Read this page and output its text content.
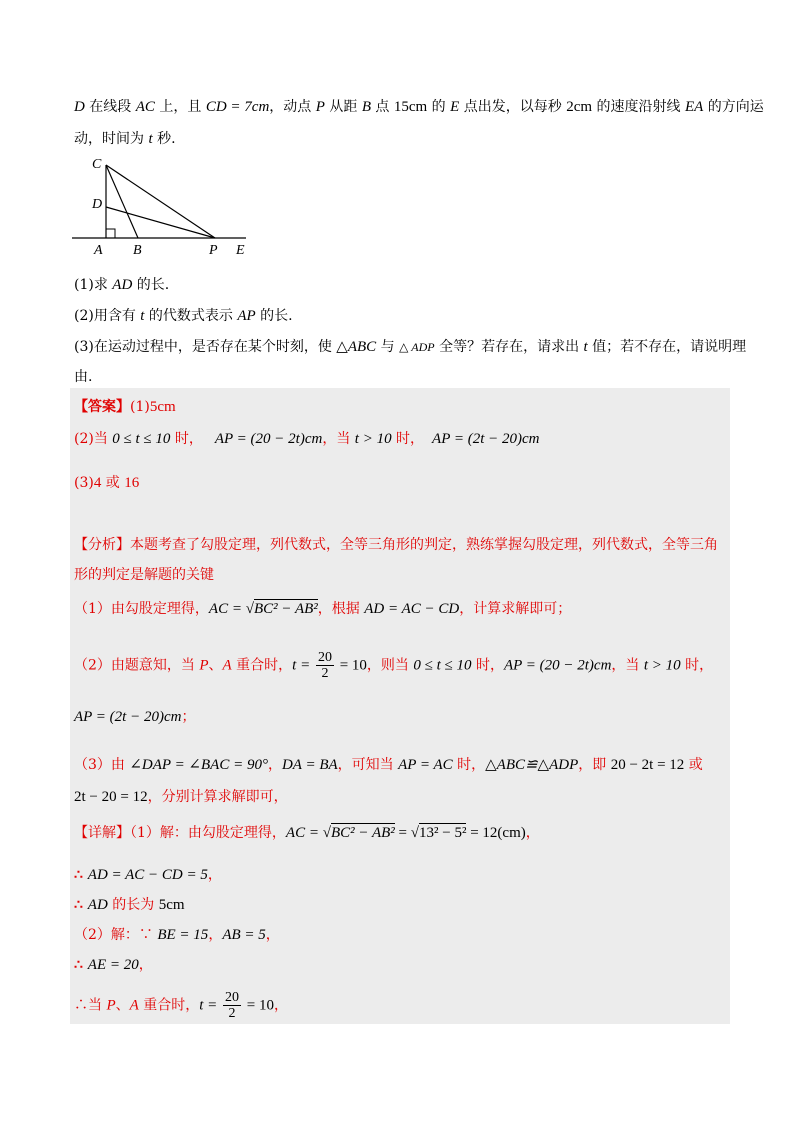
D 在线段 AC 上，且 CD = 7cm，动点 P 从距 B 点 15cm 的 E 点出发，以每秒 2cm 的速度沿射线 EA 的方向运
动，时间为 t 秒.
C
D
A B	P E
(1)求 AD 的长.
(2)用含有 t 的代数式表示 AP 的长.
(3)在运动过程中，是否存在某个时刻，使 △ABC 与 △ ADP 全等？若存在，请求出 t 值；若不存在，请说明理
由.
【答案】(1)5cm
(2)当 0 ≤ t ≤ 10 时， AP = (20 − 2t)cm，当 t > 10 时， AP = (2t − 20)cm
(3)4 或 16
【分析】本题考查了勾股定理，列代数式，全等三角形的判定，熟练掌握勾股定理，列代数式，全等三角
形的判定是解题的关键
（1）由勾股定理得，AC = √BC² − AB²，根据 AD = AC − CD，计算求解即可；
（2）由题意知，当 P、A 重合时，$t = \frac{20}{2} = 10$，则当 0 ≤ t ≤ 10 时，AP = (20 − 2t)cm，当 t > 10 时，
AP = (2t − 20)cm；
（3）由 ∠DAP = ∠BAC = 90°，DA = BA，可知当 AP = AC 时，△ABC≌△ADP，即 20 − 2t = 12 或
2t − 20 = 12，分别计算求解即可，
【详解】（1）解：由勾股定理得，AC = √BC² − AB² = √13² − 5² = 12(cm)，
∴ AD = AC − CD = 5，
∴ AD 的长为 5cm
（2）解：∵ BE = 15，AB = 5，
∴ AE = 20，
∴当 P、A 重合时，$t = \frac{20}{2} = 10$，
